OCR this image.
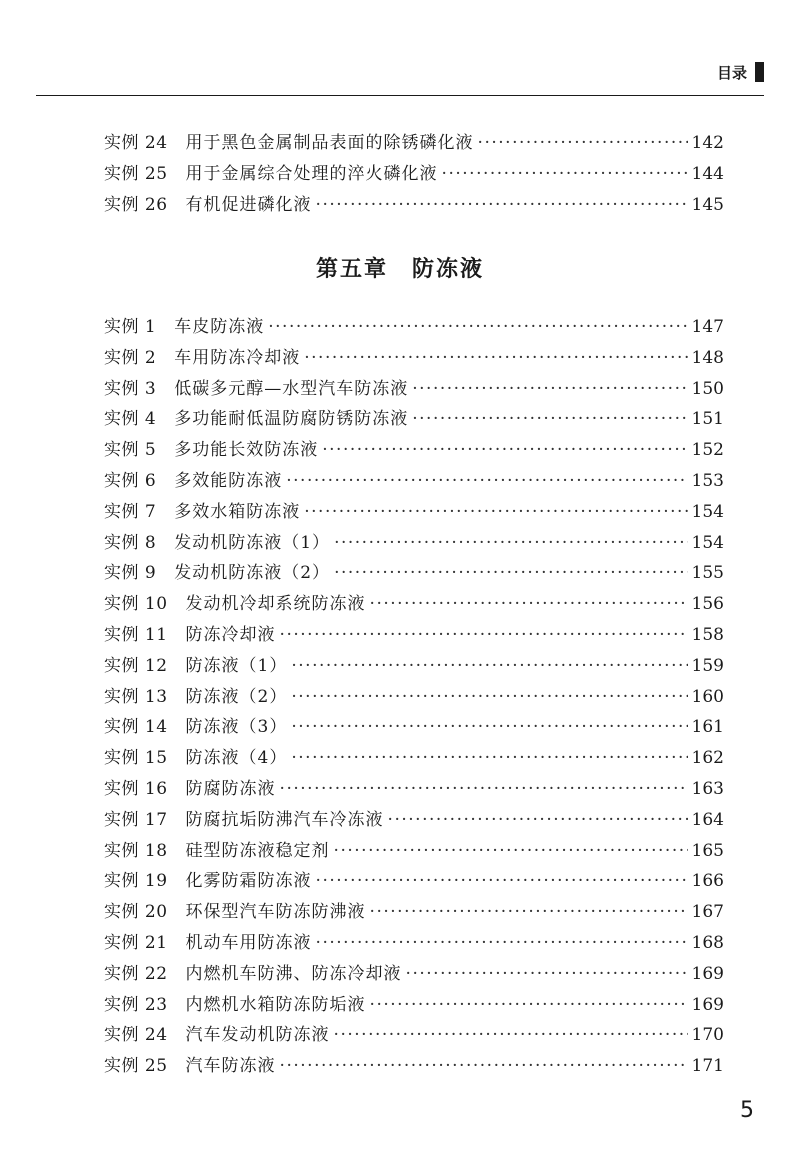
目录
实例 24 用于黑色金属制品表面的除锈磷化液 ·····	142
实例 25 用于金属综合处理的淬火磷化液 ·····	144
实例 26 有机促进磷化液 ·····	145
第五章　防冻液
实例 1 车皮防冻液 ·····	147
实例 2 车用防冻冷却液 ·····	148
实例 3 低碳多元醇—水型汽车防冻液 ·····	150
实例 4 多功能耐低温防腐防锈防冻液 ·····	151
实例 5 多功能长效防冻液 ·····	152
实例 6 多效能防冻液 ·····	153
实例 7 多效水箱防冻液 ·····	154
实例 8 发动机防冻液（1） ·····	154
实例 9 发动机防冻液（2） ·····	155
实例 10 发动机冷却系统防冻液 ·····	156
实例 11 防冻冷却液 ·····	158
实例 12 防冻液（1） ·····	159
实例 13 防冻液（2） ·····	160
实例 14 防冻液（3） ·····	161
实例 15 防冻液（4） ·····	162
实例 16 防腐防冻液 ·····	163
实例 17 防腐抗垢防沸汽车冷冻液 ·····	164
实例 18 硅型防冻液稳定剂 ·····	165
实例 19 化雾防霜防冻液 ·····	166
实例 20 环保型汽车防冻防沸液 ·····	167
实例 21 机动车用防冻液 ·····	168
实例 22 内燃机车防沸、防冻冷却液 ·····	169
实例 23 内燃机水箱防冻防垢液 ·····	169
实例 24 汽车发动机防冻液 ·····	170
实例 25 汽车防冻液 ·····	171
5
